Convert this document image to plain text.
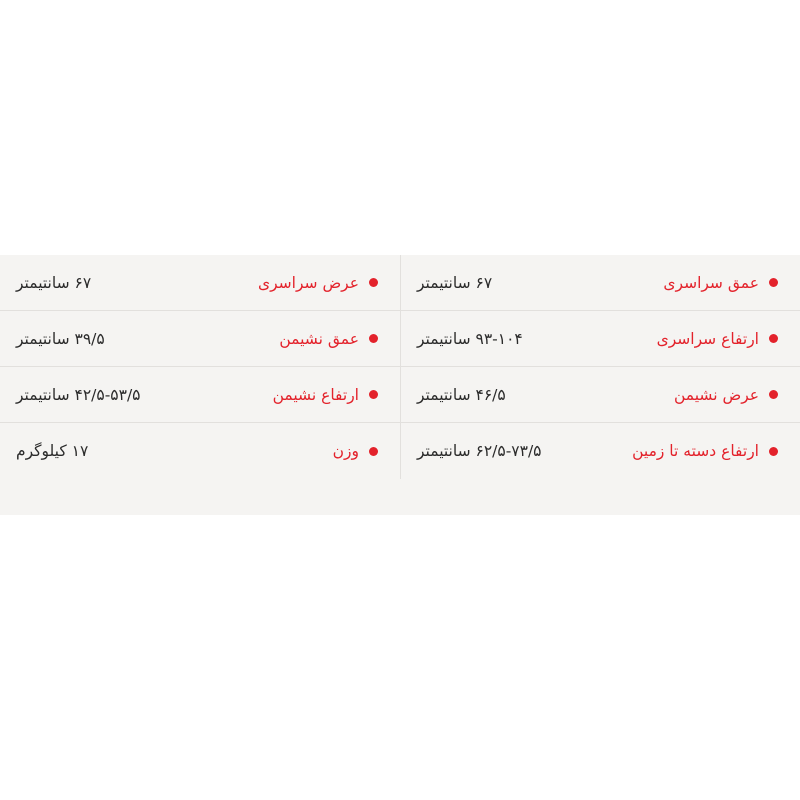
عمق سراسری
۶۷ سانتیمتر
ارتفاع سراسری
۹۳-۱۰۴ سانتیمتر
عرض نشیمن
۴۶/۵ سانتیمتر
ارتفاع دسته تا زمین
۶۲/۵-۷۳/۵ سانتیمتر
عرض سراسری
۶۷ سانتیمتر
عمق نشیمن
۳۹/۵ سانتیمتر
ارتفاع نشیمن
۴۲/۵-۵۳/۵ سانتیمتر
وزن
۱۷ کیلوگرم
